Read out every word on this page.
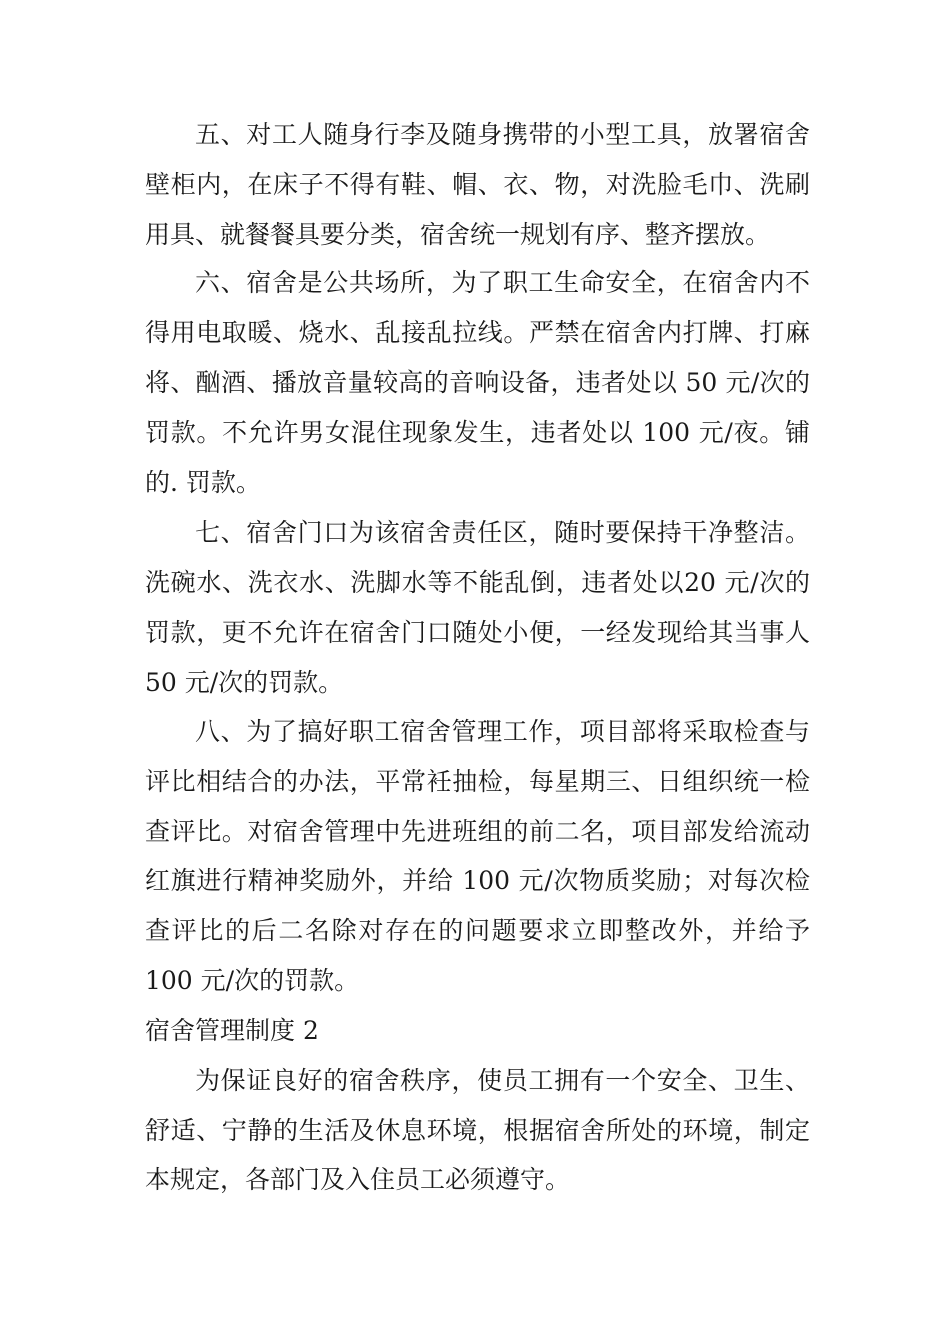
五、对工人随身行李及随身携带的小型工具，放署宿舍
壁柜内，在床子不得有鞋、帽、衣、物，对洗脸毛巾、洗刷
用具、就餐餐具要分类，宿舍统一规划有序、整齐摆放。
六、宿舍是公共场所，为了职工生命安全，在宿舍内不
得用电取暖、烧水、乱接乱拉线。严禁在宿舍内打牌、打麻
将、酗酒、播放音量较高的音响设备，违者处以 50 元/次的
罚款。不允许男女混住现象发生，违者处以 100 元/夜。铺
的. 罚款。
七、宿舍门口为该宿舍责任区，随时要保持干净整洁。
洗碗水、洗衣水、洗脚水等不能乱倒，违者处以20 元/次的
罚款，更不允许在宿舍门口随处小便，一经发现给其当事人
50 元/次的罚款。
八、为了搞好职工宿舍管理工作，项目部将采取检查与
评比相结合的办法，平常衽抽检，每星期三、日组织统一检
查评比。对宿舍管理中先进班组的前二名，项目部发给流动
红旗进行精神奖励外，并给 100 元/次物质奖励；对每次检
查评比的后二名除对存在的问题要求立即整改外，并给予
100 元/次的罚款。
宿舍管理制度 2
为保证良好的宿舍秩序，使员工拥有一个安全、卫生、
舒适、宁静的生活及休息环境，根据宿舍所处的环境，制定
本规定，各部门及入住员工必须遵守。
